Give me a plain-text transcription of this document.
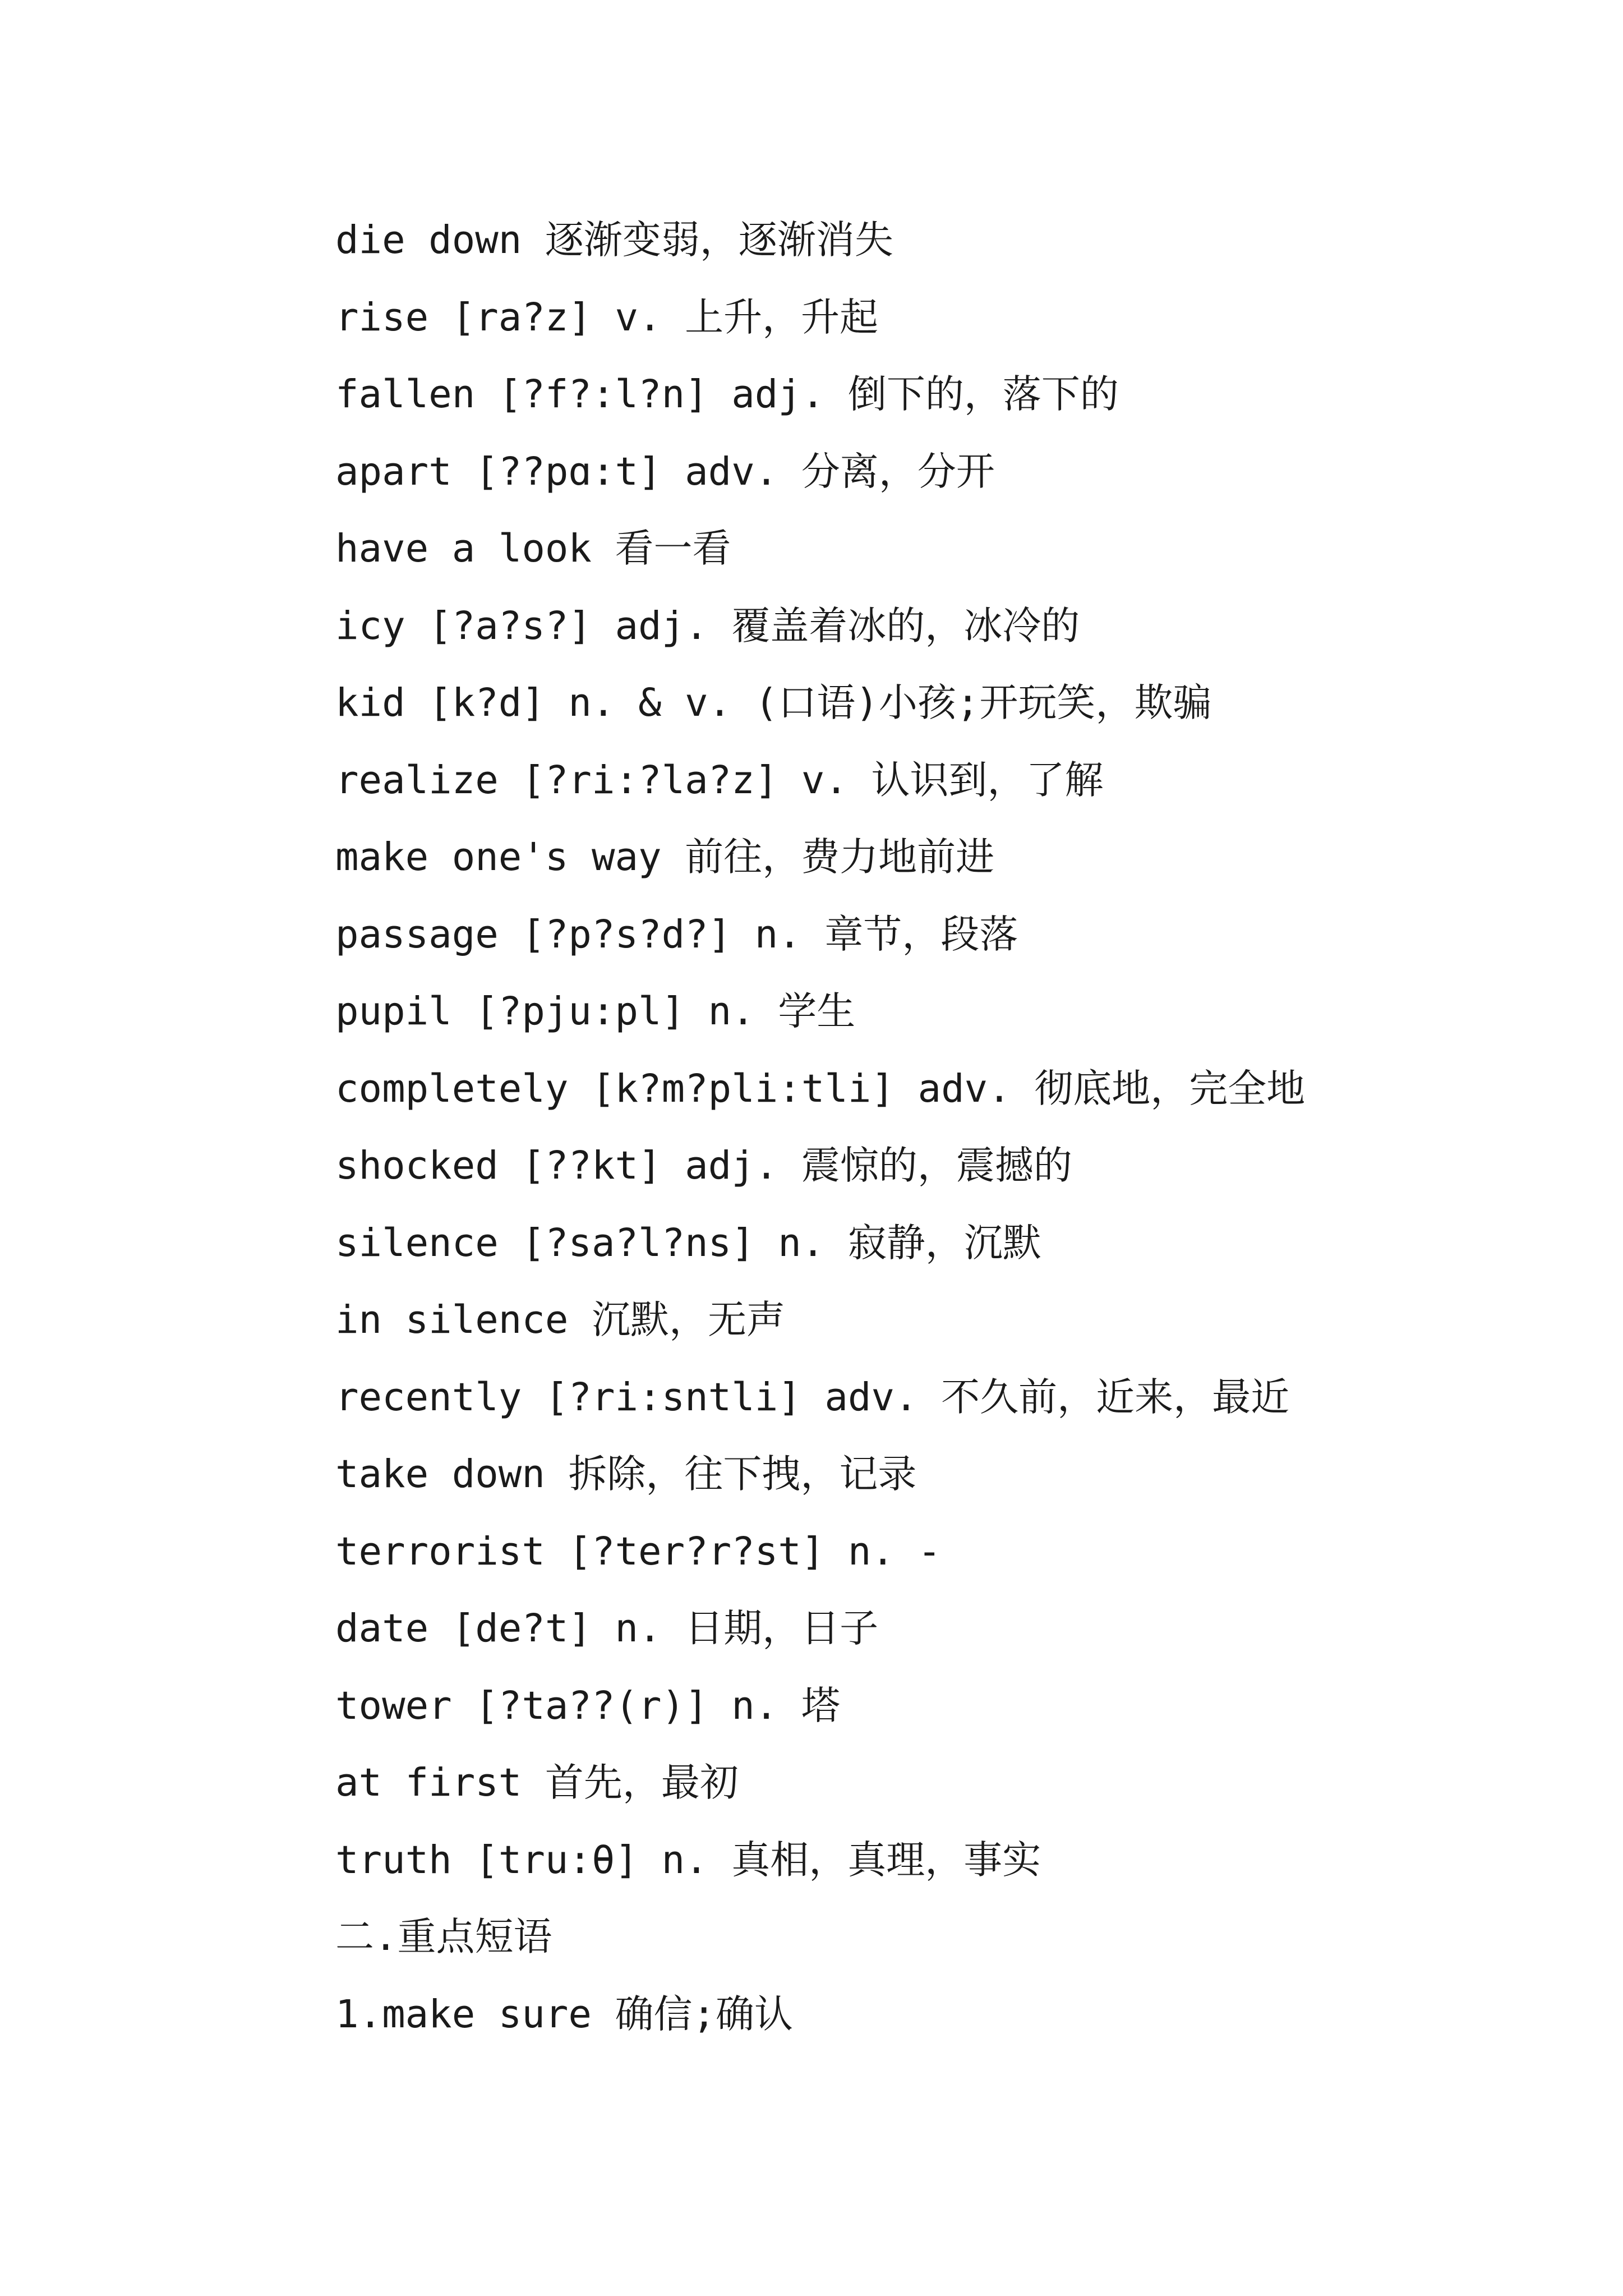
die down 逐渐变弱，逐渐消失
rise [ra?z] v. 上升，升起
fallen [?f?:l?n] adj. 倒下的，落下的
apart [??pɑ:t] adv. 分离，分开
have a look 看一看
icy [?a?s?] adj. 覆盖着冰的，冰冷的
kid [k?d] n. & v. (口语)小孩;开玩笑，欺骗
realize [?ri:?la?z] v. 认识到，了解
make one's way 前往，费力地前进
passage [?p?s?d?] n. 章节，段落
pupil [?pju:pl] n. 学生
completely [k?m?pli:tli] adv. 彻底地，完全地
shocked [??kt] adj. 震惊的，震撼的
silence [?sa?l?ns] n. 寂静，沉默
in silence 沉默，无声
recently [?ri:sntli] adv. 不久前，近来，最近
take down 拆除，往下拽，记录
terrorist [?ter?r?st] n. -
date [de?t] n. 日期，日子
tower [?ta??(r)] n. 塔
at first 首先，最初
truth [tru:θ] n. 真相，真理，事实
二.重点短语
1.make sure 确信;确认
